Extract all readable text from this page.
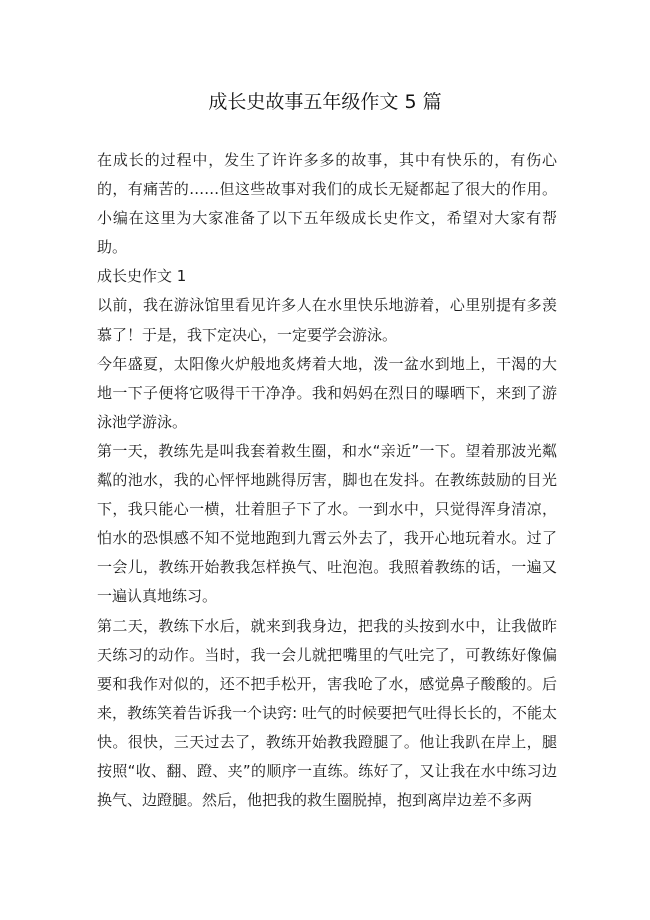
成长史故事五年级作文 5 篇

在成长的过程中，发生了许许多多的故事，其中有快乐的，有伤心的，有痛苦的……但这些故事对我们的成长无疑都起了很大的作用。小编在这里为大家准备了以下五年级成长史作文，希望对大家有帮助。

成长史作文 1

以前，我在游泳馆里看见许多人在水里快乐地游着，心里别提有多羡慕了！于是，我下定决心，一定要学会游泳。

今年盛夏，太阳像火炉般地炙烤着大地，泼一盆水到地上，干渴的大地一下子便将它吸得干干净净。我和妈妈在烈日的曝晒下，来到了游泳池学游泳。

第一天，教练先是叫我套着救生圈，和水“亲近”一下。望着那波光粼粼的池水，我的心怦怦地跳得厉害，脚也在发抖。在教练鼓励的目光下，我只能心一横，壮着胆子下了水。一到水中，只觉得浑身清凉，怕水的恐惧感不知不觉地跑到九霄云外去了，我开心地玩着水。过了一会儿，教练开始教我怎样换气、吐泡泡。我照着教练的话，一遍又一遍认真地练习。

第二天，教练下水后，就来到我身边，把我的头按到水中，让我做昨天练习的动作。当时，我一会儿就把嘴里的气吐完了，可教练好像偏要和我作对似的，还不把手松开，害我呛了水，感觉鼻子酸酸的。后来，教练笑着告诉我一个诀窍: 吐气的时候要把气吐得长长的，不能太快。很快，三天过去了，教练开始教我蹬腿了。他让我趴在岸上，腿按照“收、翻、蹬、夹”的顺序一直练。练好了，又让我在水中练习边换气、边蹬腿。然后，他把我的救生圈脱掉，抱到离岸边差不多两
